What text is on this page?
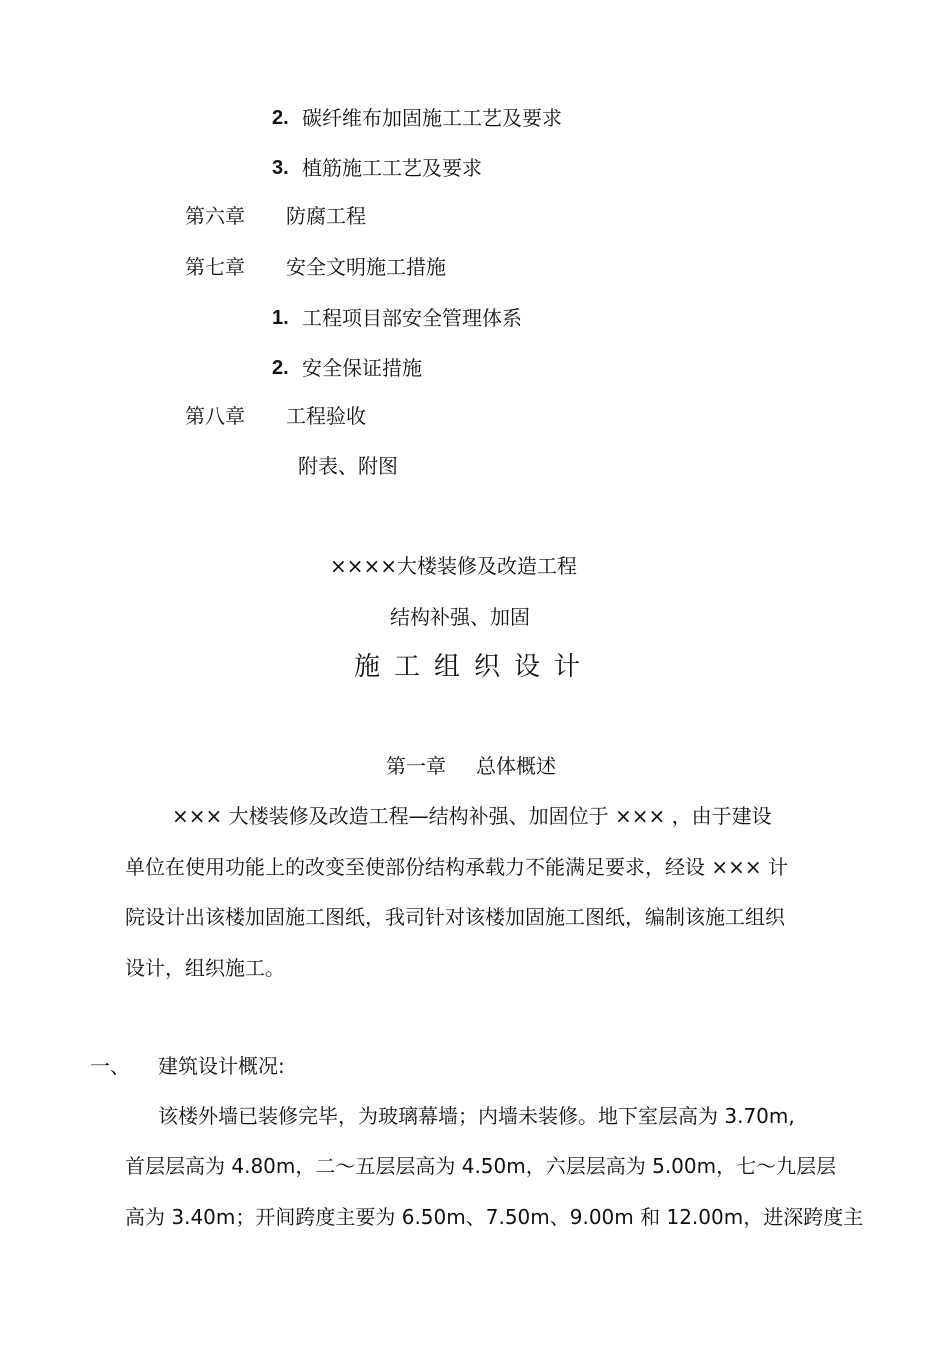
2. 碳纤维布加固施工工艺及要求
3. 植筋施工工艺及要求
第六章 防腐工程
第七章 安全文明施工措施
1. 工程项目部安全管理体系
2. 安全保证措施
第八章 工程验收
附表、附图
××××大楼装修及改造工程
结构补强、加固
施工组织设计
第一章 总体概述
××× 大楼装修及改造工程—结构补强、加固位于 ××× ，由于建设
单位在使用功能上的改变至使部份结构承载力不能满足要求，经设 ××× 计
院设计出该楼加固施工图纸，我司针对该楼加固施工图纸，编制该施工组织
设计，组织施工。
一、 建筑设计概况:
该楼外墙已装修完毕，为玻璃幕墙；内墙未装修。地下室层高为 3.70m,
首层层高为 4.80m，二～五层层高为 4.50m，六层层高为 5.00m，七～九层层
高为 3.40m；开间跨度主要为 6.50m、7.50m、9.00m 和 12.00m，进深跨度主
